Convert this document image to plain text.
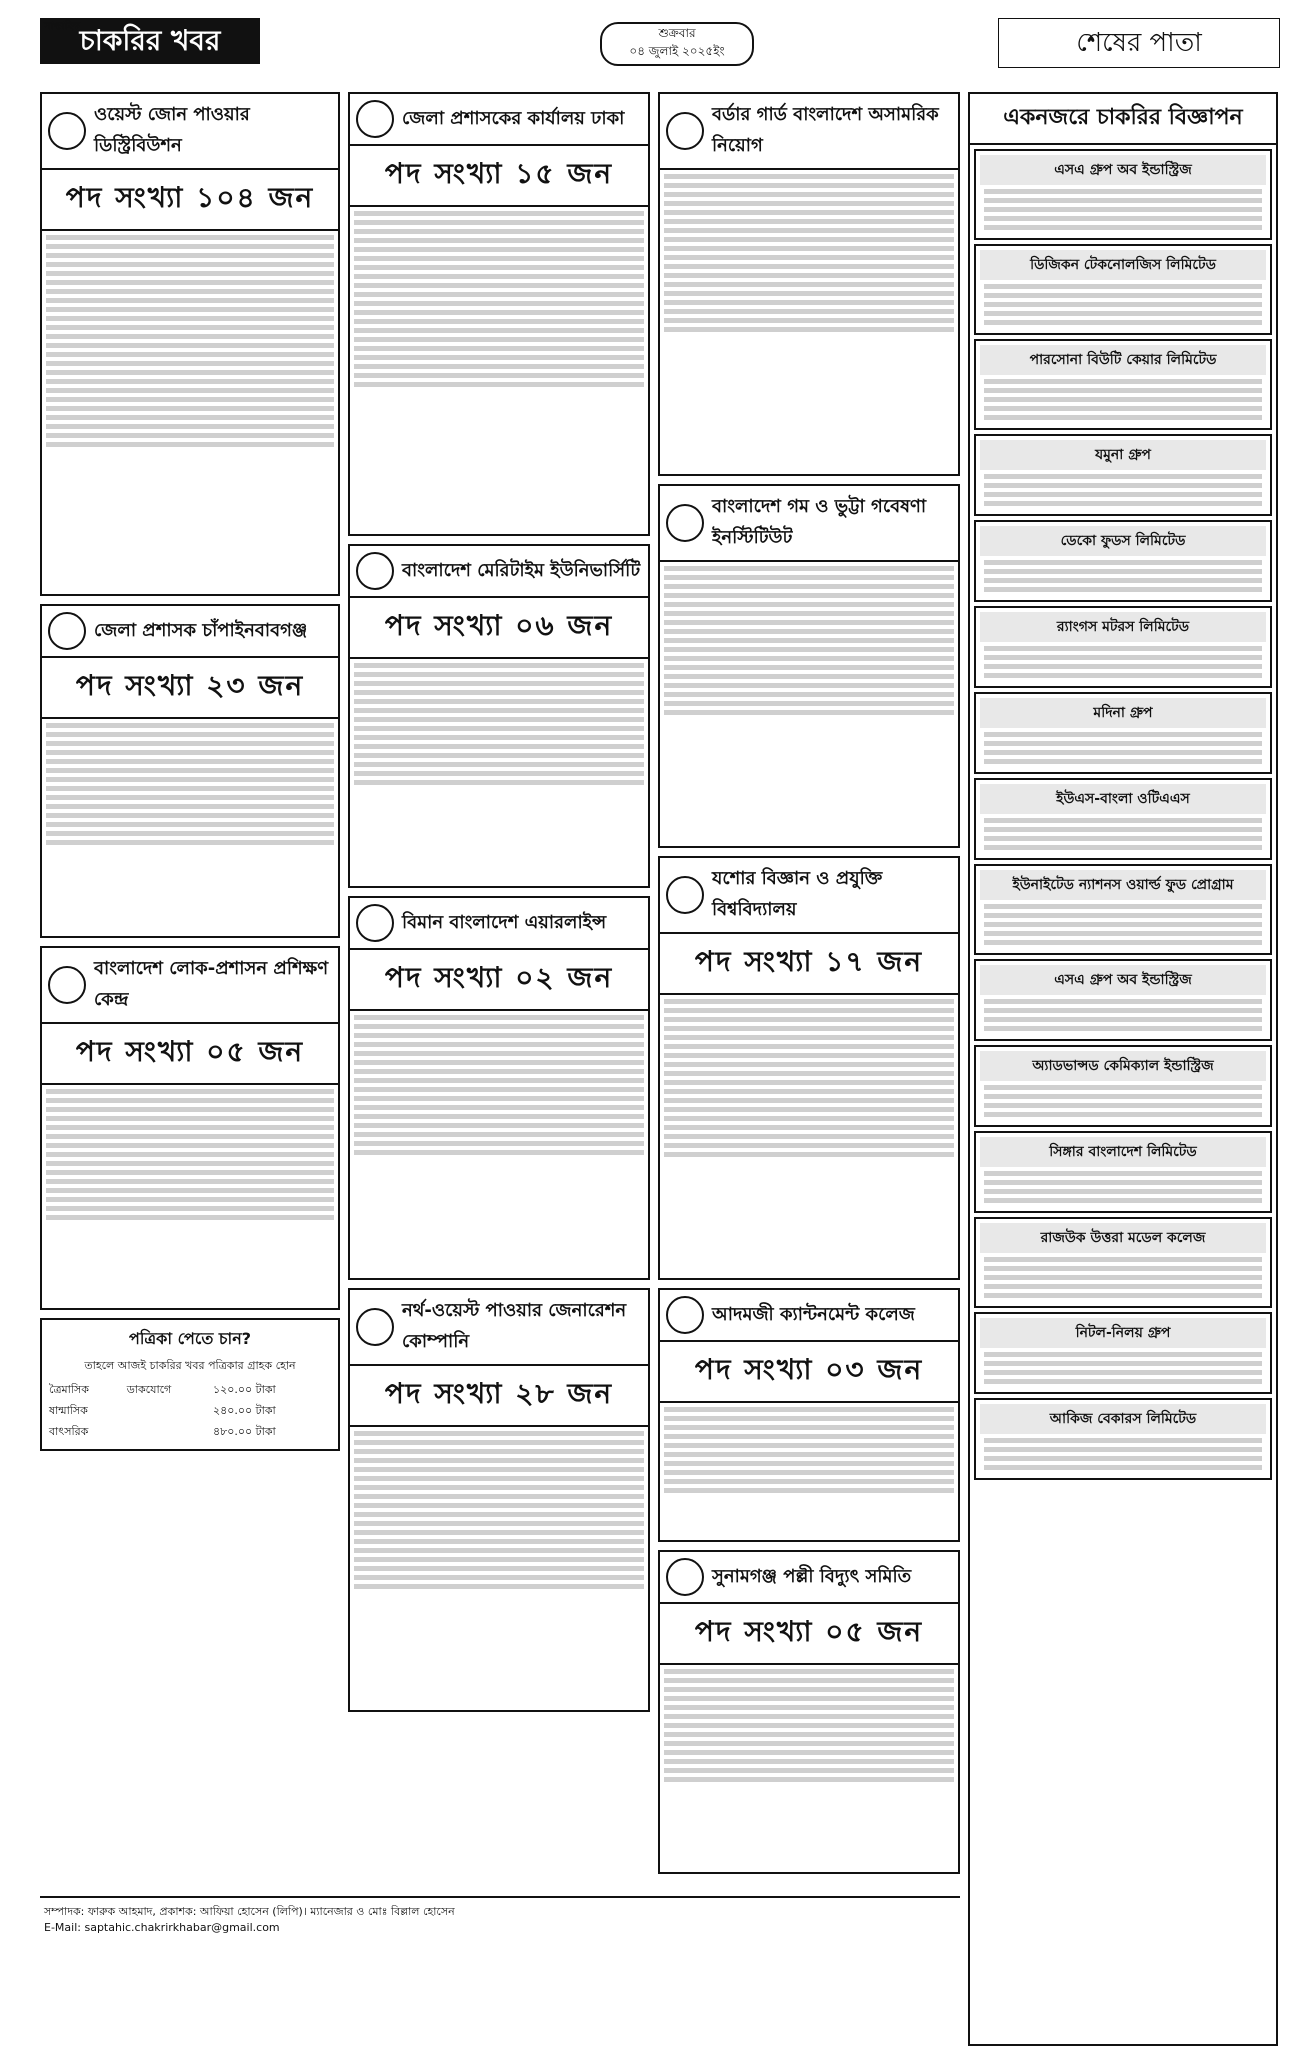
সাপ্তাহিক চাকরির খবর	শুক্রবার
০৪ জুলাই ২০২৫ইং	শেষের পাতা
ওয়েস্ট জোন পাওয়ার ডিস্ট্রিবিউশন
পদ সংখ্যা ১০৪ জন
জেলা প্রশাসক চাঁপাইনবাবগঞ্জ
পদ সংখ্যা ২৩ জন
বাংলাদেশ লোক-প্রশাসন প্রশিক্ষণ কেন্দ্র
পদ সংখ্যা ০৫ জন
পত্রিকা পেতে চান?
তাহলে আজই চাকরির খবর পত্রিকার গ্রাহক হোন
ত্রৈমাসিক	ডাকযোগে	১২০.০০ টাকা
ষান্মাসিক		২৪০.০০ টাকা
বাৎসরিক		৪৮০.০০ টাকা
জেলা প্রশাসকের কার্যালয় ঢাকা
পদ সংখ্যা ১৫ জন
বাংলাদেশ মেরিটাইম ইউনিভার্সিটি
পদ সংখ্যা ০৬ জন
বিমান বাংলাদেশ এয়ারলাইন্স
পদ সংখ্যা ০২ জন
নর্থ-ওয়েস্ট পাওয়ার জেনারেশন কোম্পানি
পদ সংখ্যা ২৮ জন
বর্ডার গার্ড বাংলাদেশ অসামরিক নিয়োগ
বাংলাদেশ গম ও ভুট্টা গবেষণা ইনস্টিটিউট
যশোর বিজ্ঞান ও প্রযুক্তি বিশ্ববিদ্যালয়
পদ সংখ্যা ১৭ জন
আদমজী ক্যান্টনমেন্ট কলেজ
পদ সংখ্যা ০৩ জন
সুনামগঞ্জ পল্লী বিদ্যুৎ সমিতি
পদ সংখ্যা ০৫ জন
একনজরে চাকরির বিজ্ঞাপন
এসএ গ্রুপ অব ইন্ডাস্ট্রিজ
ডিজিকন টেকনোলজিস লিমিটেড
পারসোনা বিউটি কেয়ার লিমিটেড
যমুনা গ্রুপ
ডেকো ফুডস লিমিটেড
র‍্যাংগস মটরস লিমিটেড
মদিনা গ্রুপ
ইউএস-বাংলা ওটিএএস
ইউনাইটেড ন্যাশনস ওয়ার্ল্ড ফুড প্রোগ্রাম
এসএ গ্রুপ অব ইন্ডাস্ট্রিজ
অ্যাডভান্সড কেমিক্যাল ইন্ডাস্ট্রিজ
সিঙ্গার বাংলাদেশ লিমিটেড
রাজউক উত্তরা মডেল কলেজ
নিটল-নিলয় গ্রুপ
আকিজ বেকারস লিমিটেড
সম্পাদক: ফারুক আহমাদ, প্রকাশক: আফিয়া হোসেন (লিপি)। ম্যানেজার ও মোঃ বিল্লাল হোসেন
E-Mail: saptahic.chakrirkhabar@gmail.com
